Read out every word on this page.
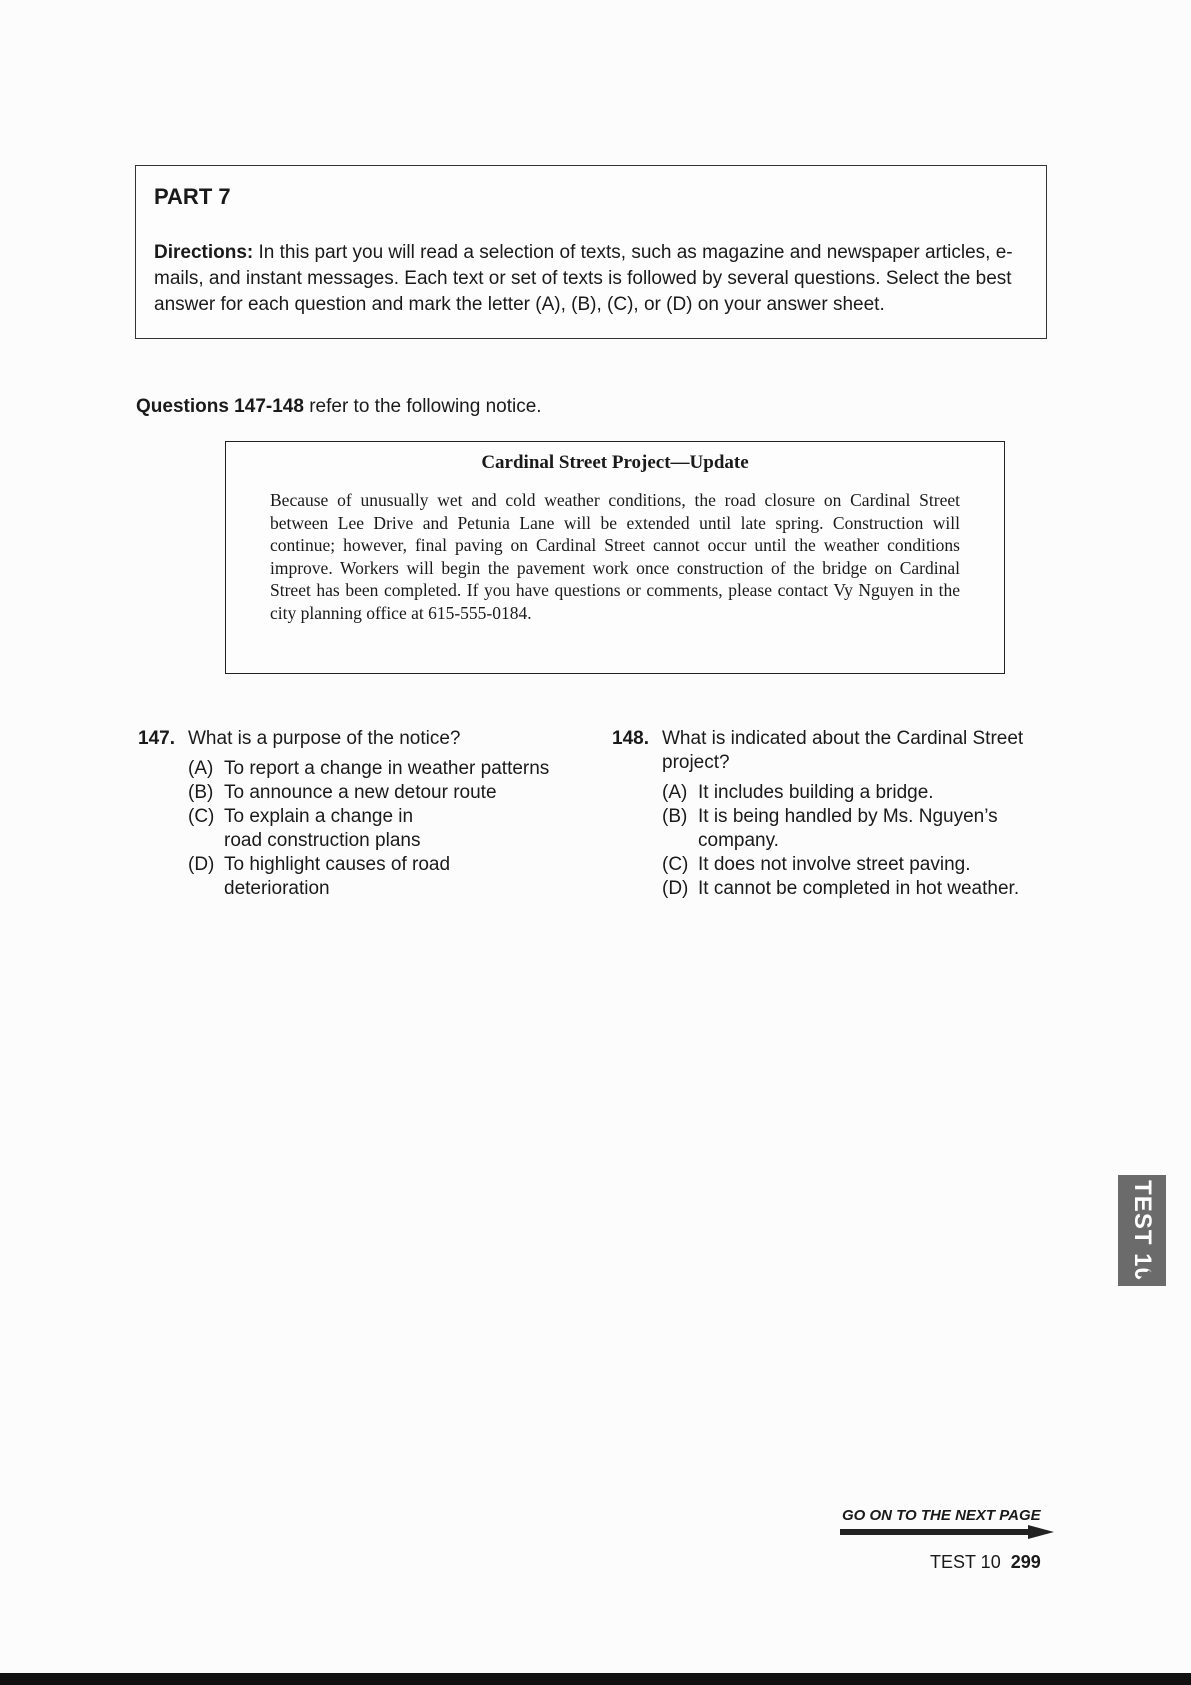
PART 7

Directions: In this part you will read a selection of texts, such as magazine and newspaper articles, e-mails, and instant messages. Each text or set of texts is followed by several questions. Select the best answer for each question and mark the letter (A), (B), (C), or (D) on your answer sheet.

Questions 147-148 refer to the following notice.

Cardinal Street Project—Update

Because of unusually wet and cold weather conditions, the road closure on Cardinal Street between Lee Drive and Petunia Lane will be extended until late spring. Construction will continue; however, final paving on Cardinal Street cannot occur until the weather conditions improve. Workers will begin the pavement work once construction of the bridge on Cardinal Street has been completed. If you have questions or comments, please contact Vy Nguyen in the city planning office at 615-555-0184.

147. What is a purpose of the notice?

(A) To report a change in weather patterns
(B) To announce a new detour route
(C) To explain a change in road construction plans
(D) To highlight causes of road deterioration

148. What is indicated about the Cardinal Street project?

(A) It includes building a bridge.
(B) It is being handled by Ms. Nguyen’s company.
(C) It does not involve street paving.
(D) It cannot be completed in hot weather.
TEST 10

GO ON TO THE NEXT PAGE

TEST 10 299
